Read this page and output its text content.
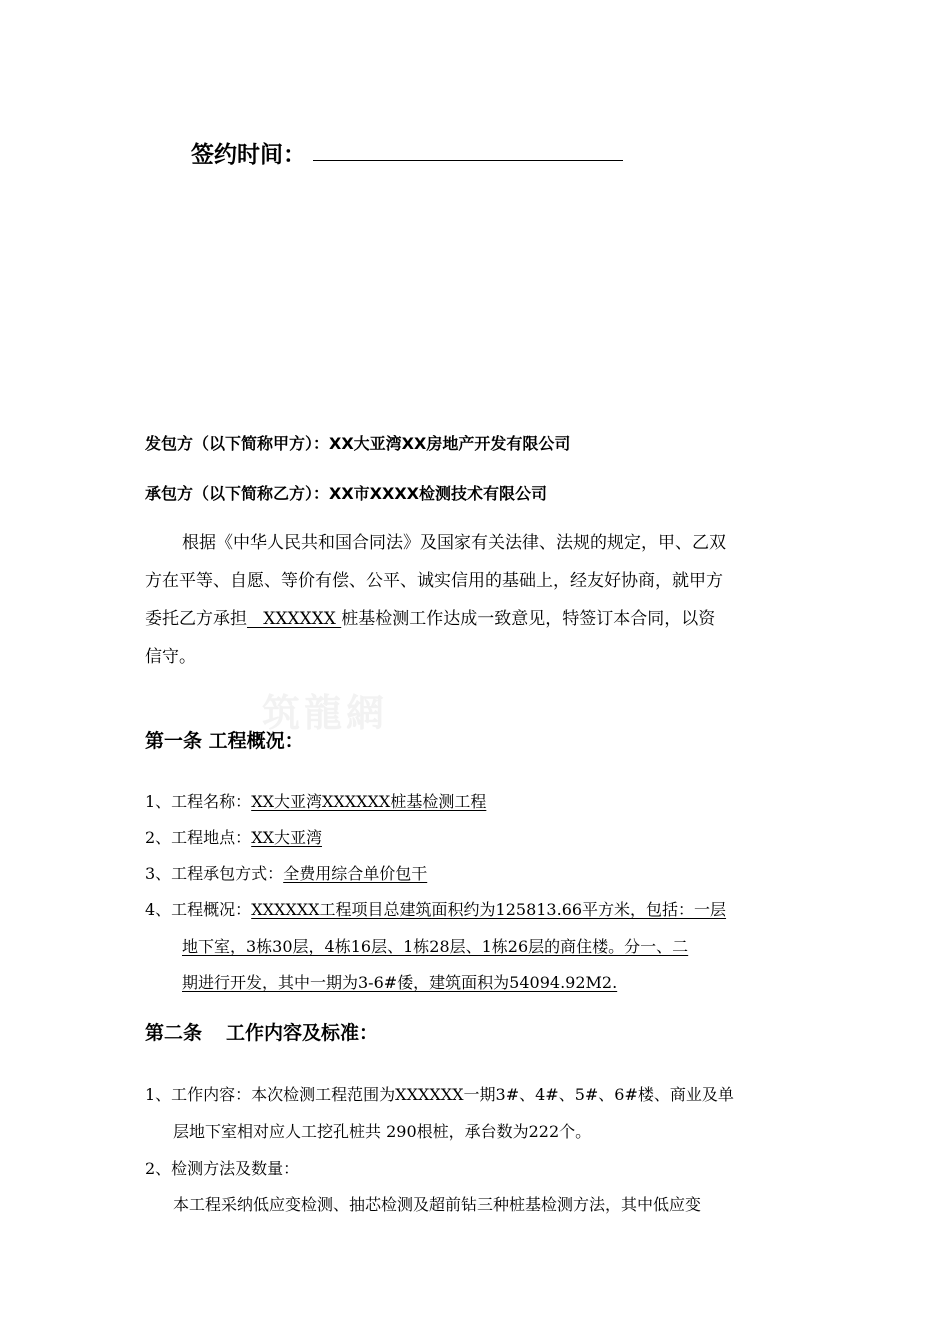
签约时间：
筑龍網
发包方（以下简称甲方）：XX大亚湾XX房地产开发有限公司
承包方（以下简称乙方）：XX市XXXX检测技术有限公司
根据《中华人民共和国合同法》及国家有关法律、法规的规定，甲、乙双
方在平等、自愿、等价有偿、公平、诚实信用的基础上，经友好协商，就甲方
委托乙方承担   XXXXXX 桩基检测工作达成一致意见，特签订本合同，以资
信守。
第一条 工程概况：
1、工程名称：XX大亚湾XXXXXX桩基检测工程
2、工程地点：XX大亚湾
3、工程承包方式：全费用综合单价包干
4、工程概况：XXXXXX工程项目总建筑面积约为125813.66平方米，包括：一层
地下室，3栋30层，4栋16层、1栋28层、1栋26层的商住楼。分一、二
期进行开发，其中一期为3-6#倭，建筑面积为54094.92M2.
第二条 工作内容及标准：
1、工作内容：本次检测工程范围为XXXXXX一期3#、4#、5#、6#楼、商业及单
层地下室相对应人工挖孔桩共 290根桩，承台数为222个。
2、检测方法及数量：
本工程采纳低应变检测、抽芯检测及超前钻三种桩基检测方法，其中低应变
